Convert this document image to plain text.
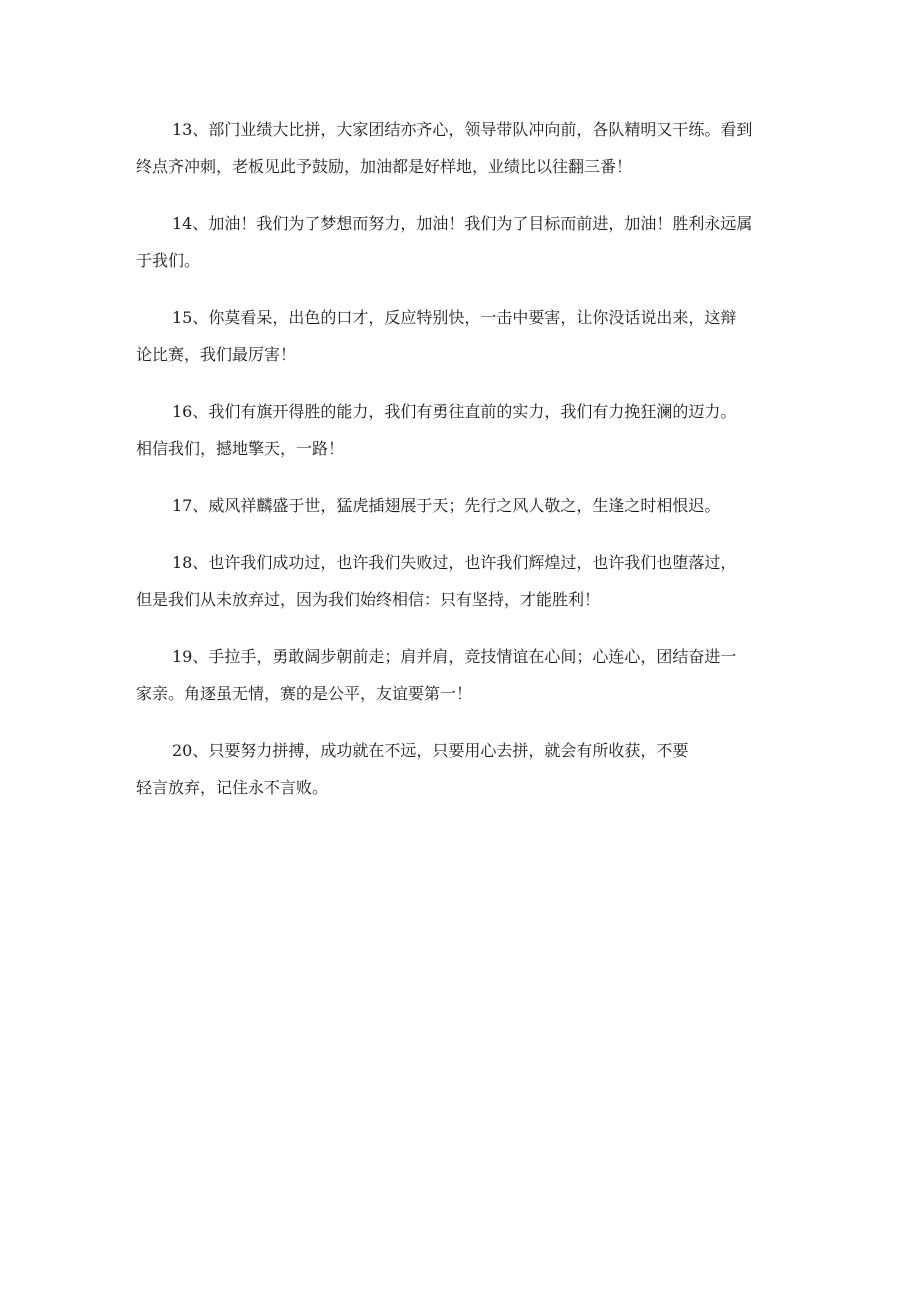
13、部门业绩大比拼，大家团结亦齐心，领导带队冲向前，各队精明又干练。看到
终点齐冲刺，老板见此予鼓励，加油都是好样地，业绩比以往翻三番！

14、加油！我们为了梦想而努力，加油！我们为了目标而前进，加油！胜利永远属
于我们。

15、你莫看呆，出色的口才，反应特别快，一击中要害，让你没话说出来，这辩
论比赛，我们最厉害！

16、我们有旗开得胜的能力，我们有勇往直前的实力，我们有力挽狂澜的迈力。
相信我们，撼地擎天，一路！

17、威风祥麟盛于世，猛虎插翅展于天；先行之风人敬之，生逢之时相恨迟。

18、也许我们成功过，也许我们失败过，也许我们辉煌过，也许我们也堕落过，
但是我们从未放弃过，因为我们始终相信：只有坚持，才能胜利！

19、手拉手，勇敢阔步朝前走；肩并肩，竞技情谊在心间；心连心，团结奋进一
家亲。角逐虽无情，赛的是公平，友谊要第一！

20、只要努力拼搏，成功就在不远，只要用心去拼，就会有所收获，不要
轻言放弃，记住永不言败。
